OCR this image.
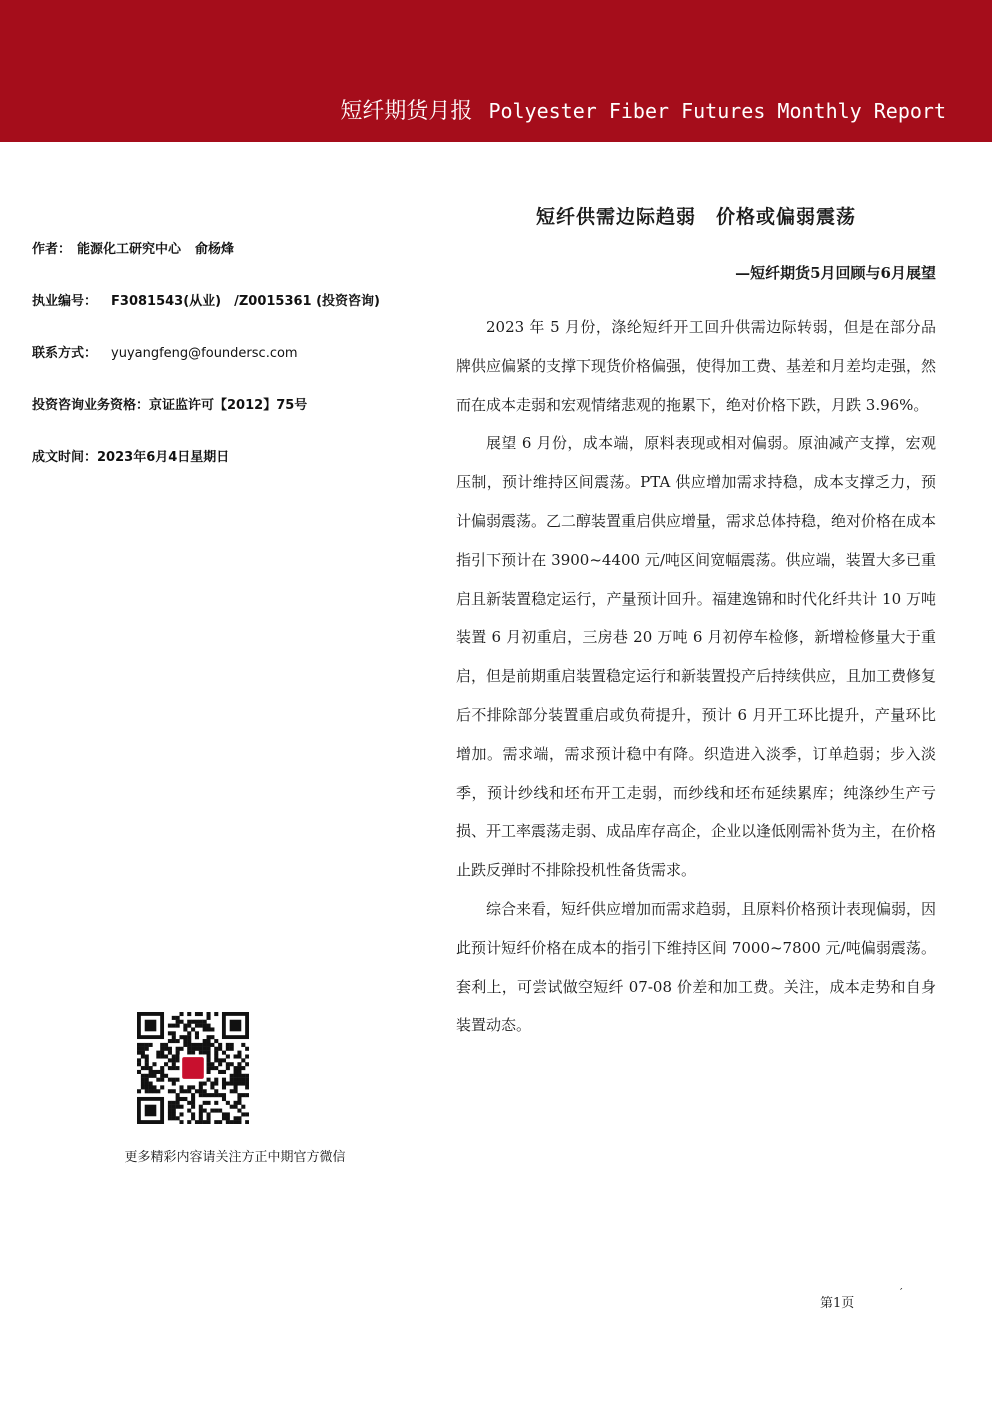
短纤期货月报 Polyester Fiber Futures Monthly Report
作者： 能源化工研究中心 俞杨烽
执业编号： F3081543(从业)　/Z0015361 (投资咨询)
联系方式： yuyangfeng@foundersc.com
投资咨询业务资格：京证监许可【2012】75号
成文时间：2023年6月4日星期日
更多精彩内容请关注方正中期官方微信
短纤供需边际趋弱　价格或偏弱震荡
—短纤期货5月回顾与6月展望

2023 年 5 月份，涤纶短纤开工回升供需边际转弱，但是在部分品牌供应偏紧的支撑下现货价格偏强，使得加工费、基差和月差均走强，然而在成本走弱和宏观情绪悲观的拖累下，绝对价格下跌，月跌 3.96%。

展望 6 月份，成本端，原料表现或相对偏弱。原油减产支撑，宏观压制，预计维持区间震荡。PTA 供应增加需求持稳，成本支撑乏力，预计偏弱震荡。乙二醇装置重启供应增量，需求总体持稳，绝对价格在成本指引下预计在 3900~4400 元/吨区间宽幅震荡。供应端，装置大多已重启且新装置稳定运行，产量预计回升。福建逸锦和时代化纤共计 10 万吨装置 6 月初重启，三房巷 20 万吨 6 月初停车检修，新增检修量大于重启，但是前期重启装置稳定运行和新装置投产后持续供应，且加工费修复后不排除部分装置重启或负荷提升，预计 6 月开工环比提升，产量环比增加。需求端，需求预计稳中有降。织造进入淡季，订单趋弱；步入淡季，预计纱线和坯布开工走弱，而纱线和坯布延续累库；纯涤纱生产亏损、开工率震荡走弱、成品库存高企，企业以逢低刚需补货为主，在价格止跌反弹时不排除投机性备货需求。

综合来看，短纤供应增加而需求趋弱，且原料价格预计表现偏弱，因此预计短纤价格在成本的指引下维持区间 7000~7800 元/吨偏弱震荡。套利上，可尝试做空短纤 07-08 价差和加工费。关注，成本走势和自身装置动态。

第1页
′
